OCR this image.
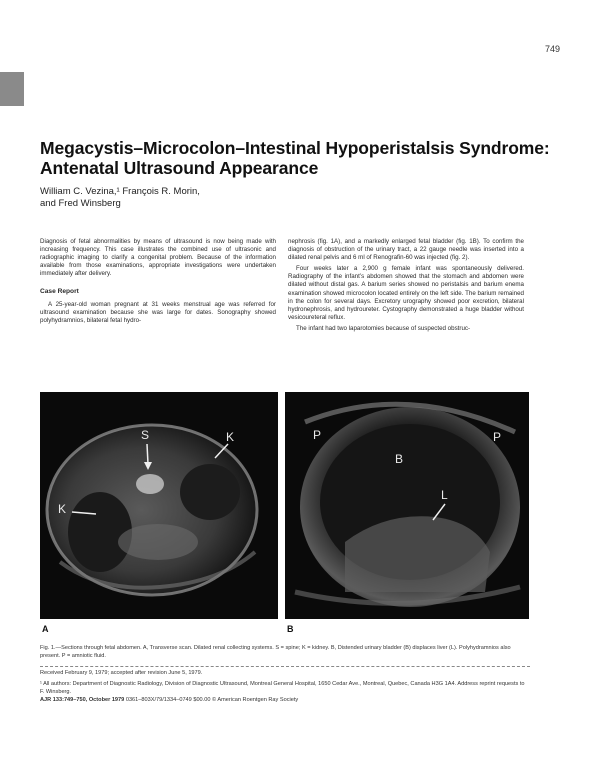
749
Megacystis–Microcolon–Intestinal Hypoperistalsis Syndrome: Antenatal Ultrasound Appearance
William C. Vezina,¹ François R. Morin,
and Fred Winsberg

Diagnosis of fetal abnormalities by means of ultrasound is now being made with increasing frequency. This case illustrates the combined use of ultrasonic and radiographic imaging to clarify a congenital problem. Because of the information available from those examinations, appropriate investigations were undertaken immediately after delivery.

Case Report

A 25-year-old woman pregnant at 31 weeks menstrual age was referred for ultrasound examination because she was large for dates. Sonography showed polyhydramnios, bilateral fetal hydro-

nephrosis (fig. 1A), and a markedly enlarged fetal bladder (fig. 1B). To confirm the diagnosis of obstruction of the urinary tract, a 22 gauge needle was inserted into a dilated renal pelvis and 6 ml of Renografin-60 was injected (fig. 2).

Four weeks later a 2,900 g female infant was spontaneously delivered. Radiography of the infant’s abdomen showed that the stomach and abdomen were dilated without distal gas. A barium series showed no peristalsis and barium enema examination showed microcolon located entirely on the left side. The barium remained in the colon for several days. Excretory urography showed poor excretion, bilateral hydronephrosis, and hydroureter. Cystography demonstrated a huge bladder without vesicoureteral reflux.

The infant had two laparotomies because of suspected obstruc-

S	K
K
P	P
B
L
A	B
Fig. 1.—Sections through fetal abdomen. A, Transverse scan. Dilated renal collecting systems. S = spine; K = kidney. B, Distended urinary bladder (B) displaces liver (L). Polyhydramnios also present. P = amniotic fluid.
Received February 9, 1979; accepted after revision June 5, 1979.
¹ All authors: Department of Diagnostic Radiology, Division of Diagnostic Ultrasound, Montreal General Hospital, 1650 Cedar Ave., Montreal, Quebec, Canada H3G 1A4. Address reprint requests to F. Winsberg.
AJR 133:749–750, October 1979 0361–803X/79/1334–0749 $00.00 © American Roentgen Ray Society
